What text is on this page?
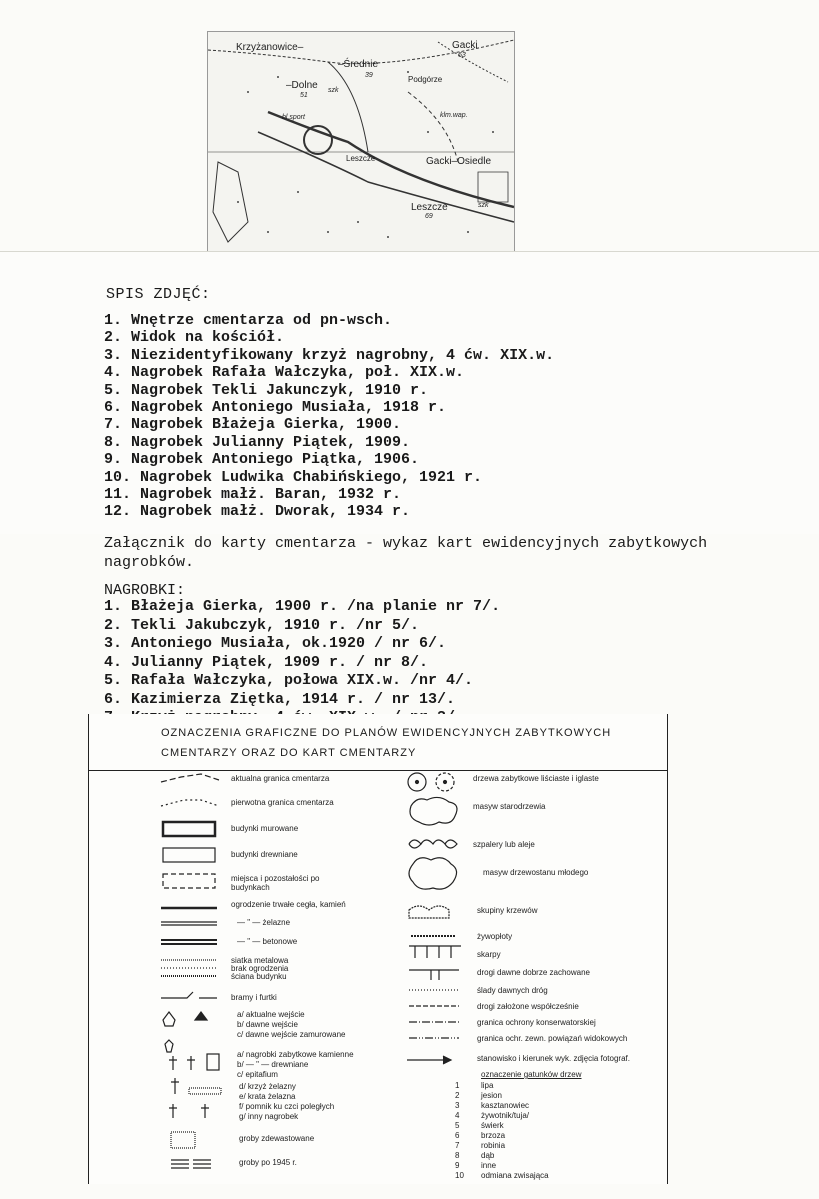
Krzyżanowice–
–Średnie
39
Gacki
63
–Dolne
51
Podgórze
bl.sport	klm.wap.
Leszcze	Gacki–Osiedle
Leszcze
69
szk
szk
SPIS ZDJĘĆ:
1. Wnętrze cmentarza od pn-wsch.
2. Widok na kościół.
3. Niezidentyfikowany krzyż nagrobny, 4 ćw. XIX.w.
4. Nagrobek Rafała Wałczyka, poł. XIX.w.
5. Nagrobek Tekli Jakunczyk, 1910 r.
6. Nagrobek Antoniego Musiała, 1918 r.
7. Nagrobek Błażeja Gierka, 1900.
8. Nagrobek Julianny Piątek, 1909.
9. Nagrobek Antoniego Piątka, 1906.
10. Nagrobek Ludwika Chabińskiego, 1921 r.
11. Nagrobek małż. Baran, 1932 r.
12. Nagrobek małż. Dworak, 1934 r.

Załącznik do karty cmentarza - wykaz kart ewidencyjnych zabytkowych nagrobków.

NAGROBKI:

1. Błażeja Gierka, 1900 r. /na planie nr 7/.
2. Tekli Jakubczyk, 1910 r. /nr 5/.
3. Antoniego Musiała, ok.1920 / nr 6/.
4. Julianny Piątek, 1909 r. / nr 8/.
5. Rafała Wałczyka, połowa XIX.w. /nr 4/.
6. Kazimierza Ziętka, 1914 r. / nr 13/.
OZNACZENIA GRAFICZNE DO PLANÓW EWIDENCYJNYCH ZABYTKOWYCH
CMENTARZY ORAZ DO KART CMENTARZY
aktualna granica cmentarza
pierwotna granica cmentarza
budynki murowane
budynki drewniane
miejsca i pozostałości po budynkach
ogrodzenie trwałe cegła, kamień
— " — żelazne
— " — betonowe
siatka metalowa
brak ogrodzenia
ściana budynku
bramy i furtki
a/ aktualne wejście
b/ dawne wejście
c/ dawne wejście zamurowane
a/ nagrobki zabytkowe kamienne
b/ — " — drewniane
c/ epitafium
d/ krzyż żelazny
e/ krata żelazna
f/ pomnik ku czci poległych
g/ inny nagrobek
groby zdewastowane
groby po 1945 r.
drzewa zabytkowe liściaste i iglaste
masyw starodrzewia
szpalery lub aleje
masyw drzewostanu młodego
skupiny krzewów
żywopłoty
skarpy
drogi dawne dobrze zachowane
ślady dawnych dróg
drogi założone współcześnie
granica ochrony konserwatorskiej
granica ochr. zewn. powiązań widokowych
stanowisko i kierunek wyk. zdjęcia fotograf.
oznaczenie gatunków drzew
1
2
3
4
5
6
7
8
9
10
lipa
jesion
kasztanowiec
żywotnik/tuja/
świerk
brzoza
robinia
dąb
inne
odmiana zwisająca
